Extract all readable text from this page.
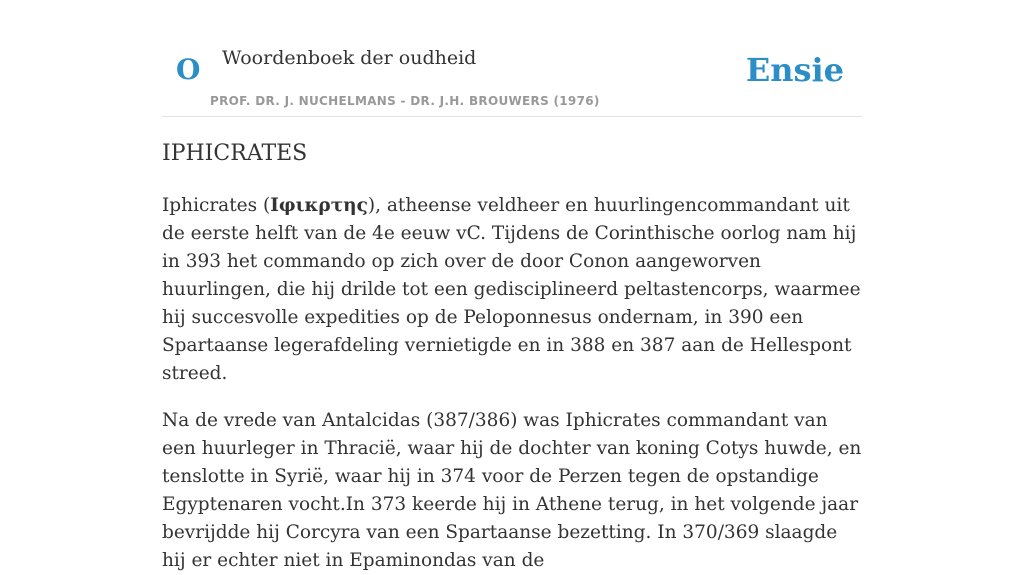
O Woordenboek der oudheid
PROF. DR. J. NUCHELMANS - DR. J.H. BROUWERS (1976)
Ensie
IPHICRATES

Iphicrates (Ιφικρτης), atheense veldheer en huurlingencommandant uit de eerste helft van de 4e eeuw vC. Tijdens de Corinthische oorlog nam hij in 393 het commando op zich over de door Conon aangeworven huurlingen, die hij drilde tot een gedisciplineerd peltastencorps, waarmee hij succesvolle expedities op de Peloponnesus ondernam, in 390 een Spartaanse legerafdeling vernietigde en in 388 en 387 aan de Hellespont streed.

Na de vrede van Antalcidas (387/386) was Iphicrates commandant van een huurleger in Thracië, waar hij de dochter van koning Cotys huwde, en tenslotte in Syrië, waar hij in 374 voor de Perzen tegen de opstandige Egyptenaren vocht.In 373 keerde hij in Athene terug, in het volgende jaar bevrijdde hij Corcyra van een Spartaanse bezetting. In 370/369 slaagde hij er echter niet in Epaminondas van de
